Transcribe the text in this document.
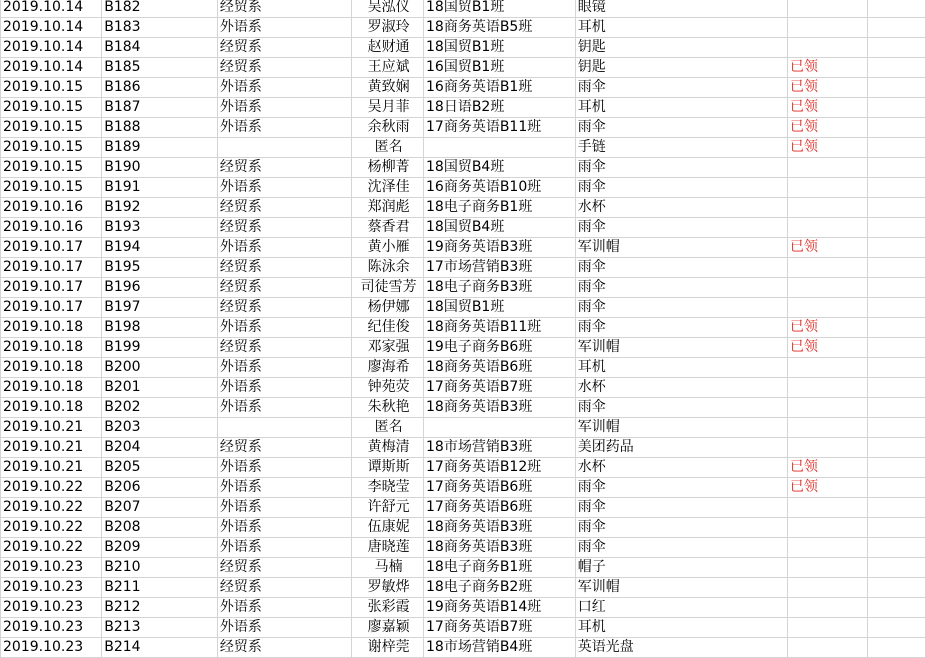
2019.10.14	B182	经贸系	吴泓仪	18国贸B1班	眼镜		
2019.10.14	B183	外语系	罗淑玲	18商务英语B5班	耳机		
2019.10.14	B184	经贸系	赵财通	18国贸B1班	钥匙		
2019.10.14	B185	经贸系	王应斌	16国贸B1班	钥匙	已领	
2019.10.15	B186	外语系	黄致娴	16商务英语B1班	雨伞	已领	
2019.10.15	B187	外语系	吴月菲	18日语B2班	耳机	已领	
2019.10.15	B188	外语系	余秋雨	17商务英语B11班	雨伞	已领	
2019.10.15	B189		匿名		手链	已领	
2019.10.15	B190	经贸系	杨柳菁	18国贸B4班	雨伞		
2019.10.15	B191	外语系	沈泽佳	16商务英语B10班	雨伞		
2019.10.16	B192	经贸系	郑润彪	18电子商务B1班	水杯		
2019.10.16	B193	经贸系	蔡香君	18国贸B4班	雨伞		
2019.10.17	B194	外语系	黄小雁	19商务英语B3班	军训帽	已领	
2019.10.17	B195	经贸系	陈泳余	17市场营销B3班	雨伞		
2019.10.17	B196	经贸系	司徒雪芳	18电子商务B3班	雨伞		
2019.10.17	B197	经贸系	杨伊娜	18国贸B1班	雨伞		
2019.10.18	B198	外语系	纪佳俊	18商务英语B11班	雨伞	已领	
2019.10.18	B199	经贸系	邓家强	19电子商务B6班	军训帽	已领	
2019.10.18	B200	外语系	廖海希	18商务英语B6班	耳机		
2019.10.18	B201	外语系	钟苑荧	17商务英语B7班	水杯		
2019.10.18	B202	外语系	朱秋艳	18商务英语B3班	雨伞		
2019.10.21	B203		匿名		军训帽		
2019.10.21	B204	经贸系	黄梅清	18市场营销B3班	美团药品		
2019.10.21	B205	外语系	谭斯斯	17商务英语B12班	水杯	已领	
2019.10.22	B206	外语系	李晓莹	17商务英语B6班	雨伞	已领	
2019.10.22	B207	外语系	许舒元	17商务英语B6班	雨伞		
2019.10.22	B208	外语系	伍康妮	18商务英语B3班	雨伞		
2019.10.22	B209	外语系	唐晓莲	18商务英语B3班	雨伞		
2019.10.23	B210	经贸系	马楠	18电子商务B1班	帽子		
2019.10.23	B211	经贸系	罗敏烨	18电子商务B2班	军训帽		
2019.10.23	B212	外语系	张彩霞	19商务英语B14班	口红		
2019.10.23	B213	外语系	廖嘉颖	17商务英语B7班	耳机		
2019.10.23	B214	经贸系	谢梓莞	18市场营销B4班	英语光盘		
